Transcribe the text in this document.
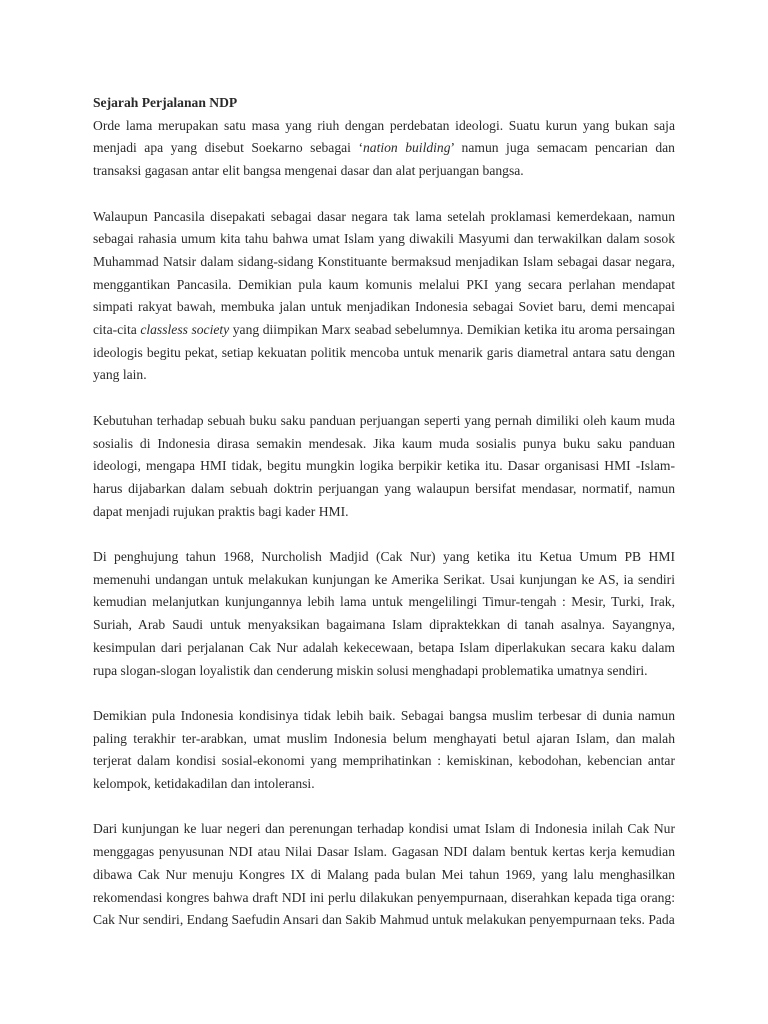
Sejarah Perjalanan NDP

Orde lama merupakan satu masa yang riuh dengan perdebatan ideologi. Suatu kurun yang bukan saja menjadi apa yang disebut Soekarno sebagai ‘nation building’ namun juga semacam pencarian dan transaksi gagasan antar elit bangsa mengenai dasar dan alat perjuangan bangsa.

Walaupun Pancasila disepakati sebagai dasar negara tak lama setelah proklamasi kemerdekaan, namun sebagai rahasia umum kita tahu bahwa umat Islam yang diwakili Masyumi dan terwakilkan dalam sosok Muhammad Natsir dalam sidang-sidang Konstituante bermaksud menjadikan Islam sebagai dasar negara, menggantikan Pancasila. Demikian pula kaum komunis melalui PKI yang secara perlahan mendapat simpati rakyat bawah, membuka jalan untuk menjadikan Indonesia sebagai Soviet baru, demi mencapai cita-cita classless society yang diimpikan Marx seabad sebelumnya. Demikian ketika itu aroma persaingan ideologis begitu pekat, setiap kekuatan politik mencoba untuk menarik garis diametral antara satu dengan yang lain.

Kebutuhan terhadap sebuah buku saku panduan perjuangan seperti yang pernah dimiliki oleh kaum muda sosialis di Indonesia dirasa semakin mendesak. Jika kaum muda sosialis punya buku saku panduan ideologi, mengapa HMI tidak, begitu mungkin logika berpikir ketika itu. Dasar organisasi HMI -Islam- harus dijabarkan dalam sebuah doktrin perjuangan yang walaupun bersifat mendasar, normatif, namun dapat menjadi rujukan praktis bagi kader HMI.

Di penghujung tahun 1968, Nurcholish Madjid (Cak Nur) yang ketika itu Ketua Umum PB HMI memenuhi undangan untuk melakukan kunjungan ke Amerika Serikat. Usai kunjungan ke AS, ia sendiri kemudian melanjutkan kunjungannya lebih lama untuk mengelilingi Timur-tengah : Mesir, Turki, Irak, Suriah, Arab Saudi untuk menyaksikan bagaimana Islam dipraktekkan di tanah asalnya. Sayangnya, kesimpulan dari perjalanan Cak Nur adalah kekecewaan, betapa Islam diperlakukan secara kaku dalam rupa slogan-slogan loyalistik dan cenderung miskin solusi menghadapi problematika umatnya sendiri.

Demikian pula Indonesia kondisinya tidak lebih baik. Sebagai bangsa muslim terbesar di dunia namun paling terakhir ter-arabkan, umat muslim Indonesia belum menghayati betul ajaran Islam, dan malah terjerat dalam kondisi sosial-ekonomi yang memprihatinkan : kemiskinan, kebodohan, kebencian antar kelompok, ketidakadilan dan intoleransi.

Dari kunjungan ke luar negeri dan perenungan terhadap kondisi umat Islam di Indonesia inilah Cak Nur menggagas penyusunan NDI atau Nilai Dasar Islam. Gagasan NDI dalam bentuk kertas kerja kemudian dibawa Cak Nur menuju Kongres IX di Malang pada bulan Mei tahun 1969, yang lalu menghasilkan rekomendasi kongres bahwa draft NDI ini perlu dilakukan penyempurnaan, diserahkan kepada tiga orang: Cak Nur sendiri, Endang Saefudin Ansari dan Sakib Mahmud untuk melakukan penyempurnaan teks. Pada
